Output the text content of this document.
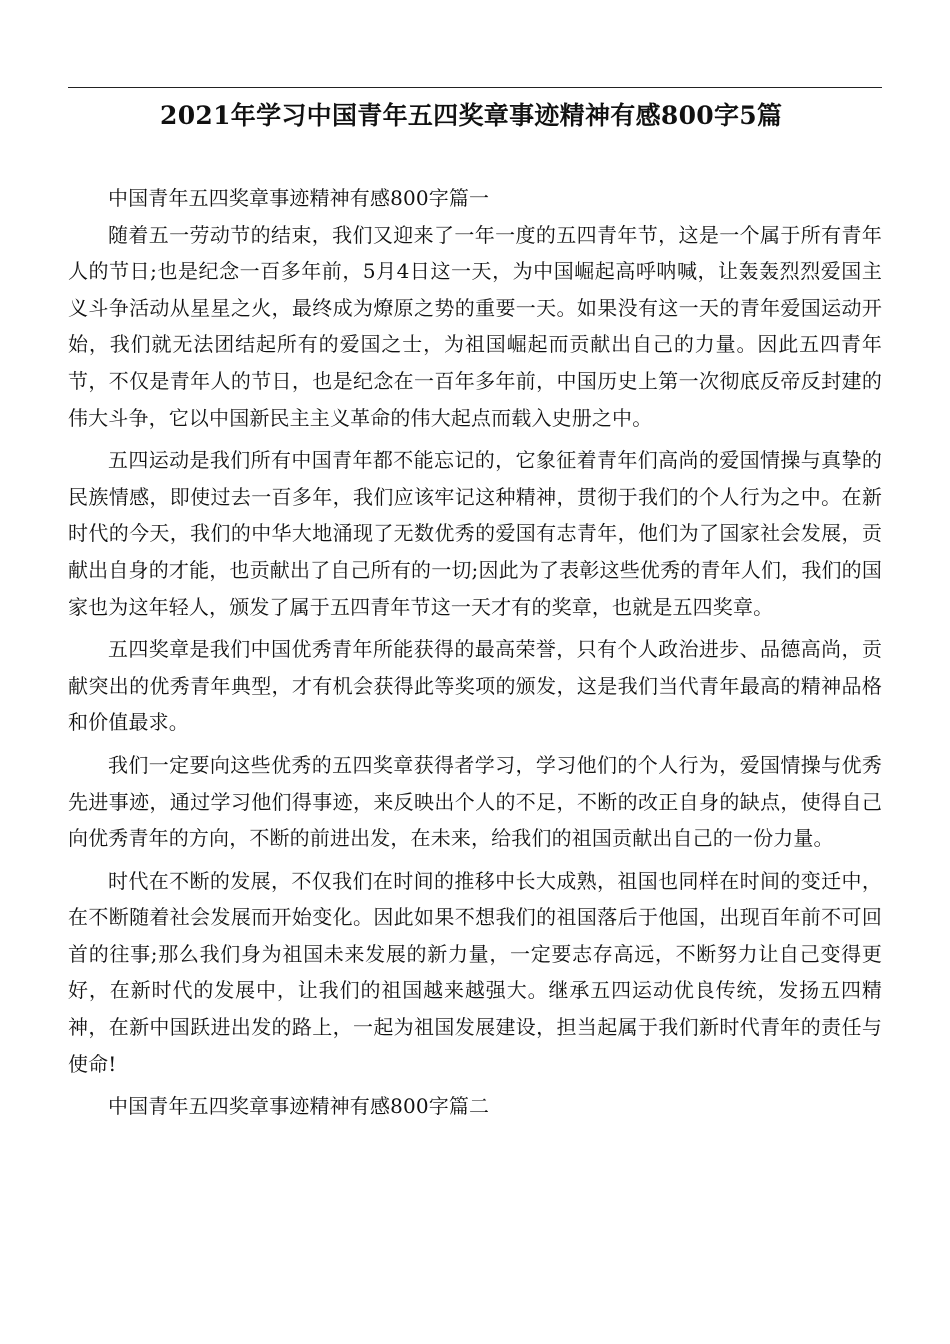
2021年学习中国青年五四奖章事迹精神有感800字5篇

中国青年五四奖章事迹精神有感800字篇一

随着五一劳动节的结束，我们又迎来了一年一度的五四青年节，这是一个属于所有青年人的节日;也是纪念一百多年前，5月4日这一天，为中国崛起高呼呐喊，让轰轰烈烈爱国主义斗争活动从星星之火，最终成为燎原之势的重要一天。如果没有这一天的青年爱国运动开始，我们就无法团结起所有的爱国之士，为祖国崛起而贡献出自己的力量。因此五四青年节，不仅是青年人的节日，也是纪念在一百年多年前，中国历史上第一次彻底反帝反封建的伟大斗争，它以中国新民主主义革命的伟大起点而载入史册之中。

五四运动是我们所有中国青年都不能忘记的，它象征着青年们高尚的爱国情操与真挚的民族情感，即使过去一百多年，我们应该牢记这种精神，贯彻于我们的个人行为之中。在新时代的今天，我们的中华大地涌现了无数优秀的爱国有志青年，他们为了国家社会发展，贡献出自身的才能，也贡献出了自己所有的一切;因此为了表彰这些优秀的青年人们，我们的国家也为这年轻人，颁发了属于五四青年节这一天才有的奖章，也就是五四奖章。

五四奖章是我们中国优秀青年所能获得的最高荣誉，只有个人政治进步、品德高尚，贡献突出的优秀青年典型，才有机会获得此等奖项的颁发，这是我们当代青年最高的精神品格和价值最求。

我们一定要向这些优秀的五四奖章获得者学习，学习他们的个人行为，爱国情操与优秀先进事迹，通过学习他们得事迹，来反映出个人的不足，不断的改正自身的缺点，使得自己向优秀青年的方向，不断的前进出发，在未来，给我们的祖国贡献出自己的一份力量。

时代在不断的发展，不仅我们在时间的推移中长大成熟，祖国也同样在时间的变迁中，在不断随着社会发展而开始变化。因此如果不想我们的祖国落后于他国，出现百年前不可回首的往事;那么我们身为祖国未来发展的新力量，一定要志存高远，不断努力让自己变得更好，在新时代的发展中，让我们的祖国越来越强大。继承五四运动优良传统，发扬五四精神，在新中国跃进出发的路上，一起为祖国发展建设，担当起属于我们新时代青年的责任与使命!

中国青年五四奖章事迹精神有感800字篇二
